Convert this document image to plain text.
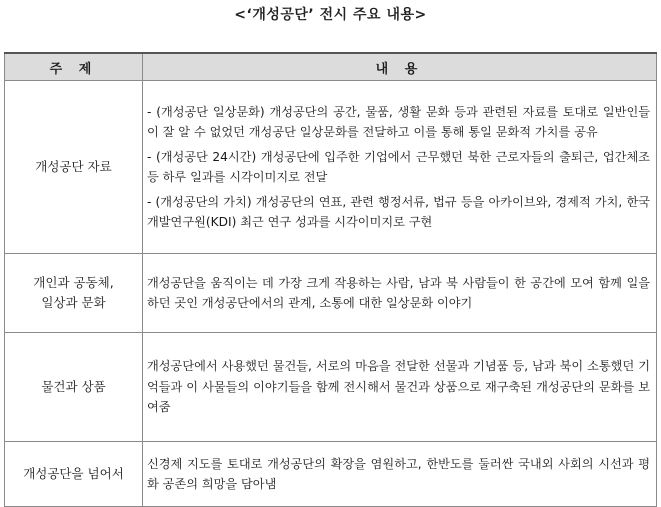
<‘개성공단’ 전시 주요 내용>
주 제	내 용
개성공단 자료	- (개성공단 일상문화) 개성공단의 공간, 물품, 생활 문화 등과 관련된 자료를 토대로 일반인들이 잘 알 수 없었던 개성공단 일상문화를 전달하고 이를 통해 통일 문화적 가치를 공유

- (개성공단 24시간) 개성공단에 입주한 기업에서 근무했던 북한 근로자들의 출퇴근, 업간체조 등 하루 일과를 시각이미지로 전달

- (개성공단의 가치) 개성공단의 연표, 관련 행정서류, 법규 등을 아카이브와, 경제적 가치, 한국개발연구원(KDI) 최근 연구 성과를 시각이미지로 구현

개인과 공동체, 일상과 문화	개성공단을 움직이는 데 가장 크게 작용하는 사람, 남과 북 사람들이 한 공간에 모여 함께 일을 하던 곳인 개성공단에서의 관계, 소통에 대한 일상문화 이야기

물건과 상품	개성공단에서 사용했던 물건들, 서로의 마음을 전달한 선물과 기념품 등, 남과 북이 소통했던 기억들과 이 사물들의 이야기들을 함께 전시해서 물건과 상품으로 재구축된 개성공단의 문화를 보여줌

개성공단을 넘어서	신경제 지도를 토대로 개성공단의 확장을 염원하고, 한반도를 둘러싼 국내외 사회의 시선과 평화 공존의 희망을 담아냄
